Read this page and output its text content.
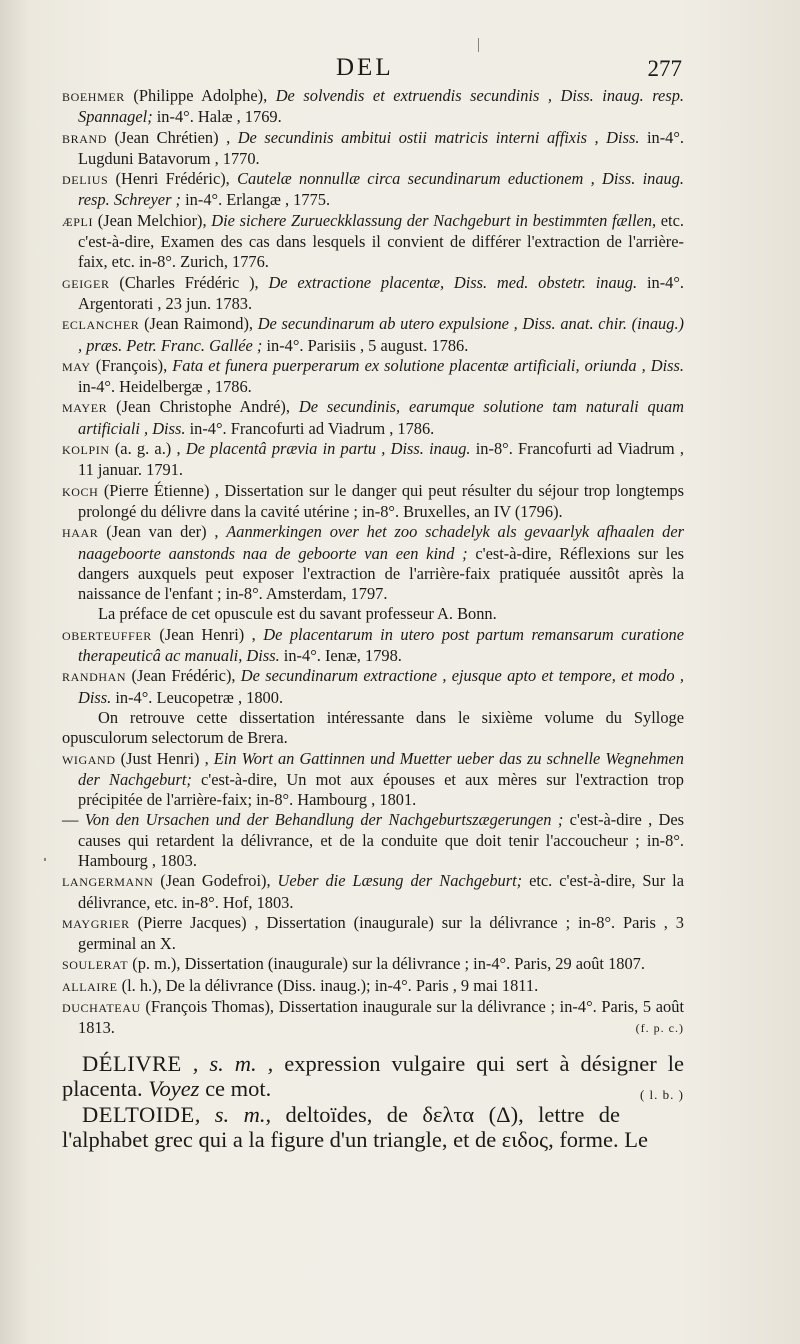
DEL	277

BOEHMER (Philippe Adolphe), De solvendis et extruendis secundinis , Diss. inaug. resp. Spannagel; in-4°. Halæ , 1769.

BRAND (Jean Chrétien) , De secundinis ambitui ostii matricis interni affixis , Diss. in-4°. Lugduni Batavorum , 1770.

DELIUS (Henri Frédéric), Cautelæ nonnullæ circa secundinarum eductionem , Diss. inaug. resp. Schreyer ; in-4°. Erlangæ , 1775.

ÆPLI (Jean Melchior), Die sichere Zurueckklassung der Nachgeburt in bestimmten fællen, etc. c'est-à-dire, Examen des cas dans lesquels il convient de différer l'extraction de l'arrière-faix, etc. in-8°. Zurich, 1776.

GEIGER (Charles Frédéric ), De extractione placentæ, Diss. med. obstetr. inaug. in-4°. Argentorati , 23 jun. 1783.

ECLANCHER (Jean Raimond), De secundinarum ab utero expulsione , Diss. anat. chir. (inaug.) , præs. Petr. Franc. Gallée ; in-4°. Parisiis , 5 august. 1786.

MAY (François), Fata et funera puerperarum ex solutione placentæ artificiali, oriunda , Diss. in-4°. Heidelbergæ , 1786.

MAYER (Jean Christophe André), De secundinis, earumque solutione tam naturali quam artificiali , Diss. in-4°. Francofurti ad Viadrum , 1786.

KOLPIN (a. g. a.) , De placentâ prævia in partu , Diss. inaug. in-8°. Francofurti ad Viadrum , 11 januar. 1791.

KOCH (Pierre Étienne) , Dissertation sur le danger qui peut résulter du séjour trop longtemps prolongé du délivre dans la cavité utérine ; in-8°. Bruxelles, an IV (1796).

HAAR (Jean van der) , Aanmerkingen over het zoo schadelyk als gevaarlyk afhaalen der naageboorte aanstonds naa de geboorte van een kind ; c'est-à-dire, Réflexions sur les dangers auxquels peut exposer l'extraction de l'arrière-faix pratiquée aussitôt après la naissance de l'enfant ; in-8°. Amsterdam, 1797.

La préface de cet opuscule est du savant professeur A. Bonn.

OBERTEUFFER (Jean Henri) , De placentarum in utero post partum remansarum curatione therapeuticâ ac manuali, Diss. in-4°. Ienæ, 1798.

RANDHAN (Jean Frédéric), De secundinarum extractione , ejusque apto et tempore, et modo , Diss. in-4°. Leucopetræ , 1800.

On retrouve cette dissertation intéressante dans le sixième volume du Sylloge opusculorum selectorum de Brera.

WIGAND (Just Henri) , Ein Wort an Gattinnen und Muetter ueber das zu schnelle Wegnehmen der Nachgeburt; c'est-à-dire, Un mot aux épouses et aux mères sur l'extraction trop précipitée de l'arrière-faix; in-8°. Hambourg , 1801.

— Von den Ursachen und der Behandlung der Nachgeburtszægerungen ; c'est-à-dire , Des causes qui retardent la délivrance, et de la conduite que doit tenir l'accoucheur ; in-8°. Hambourg , 1803.

LANGERMANN (Jean Godefroi), Ueber die Læsung der Nachgeburt; etc. c'est-à-dire, Sur la délivrance, etc. in-8°. Hof, 1803.

MAYGRIER (Pierre Jacques) , Dissertation (inaugurale) sur la délivrance ; in-8°. Paris , 3 germinal an X.

SOULERAT (p. m.), Dissertation (inaugurale) sur la délivrance ; in-4°. Paris, 29 août 1807.

ALLAIRE (l. h.), De la délivrance (Diss. inaug.); in-4°. Paris , 9 mai 1811.

DUCHATEAU (François Thomas), Dissertation inaugurale sur la délivrance ; in-4°. Paris, 5 août 1813.	(f. p. c.)

DÉLIVRE , s. m. , expression vulgaire qui sert à désigner le placenta. Voyez ce mot.	( l. b. )

DELTOIDE, s. m., deltoïdes, de δελτα (Δ), lettre de l'alphabet grec qui a la figure d'un triangle, et de ειδος, forme. Le
